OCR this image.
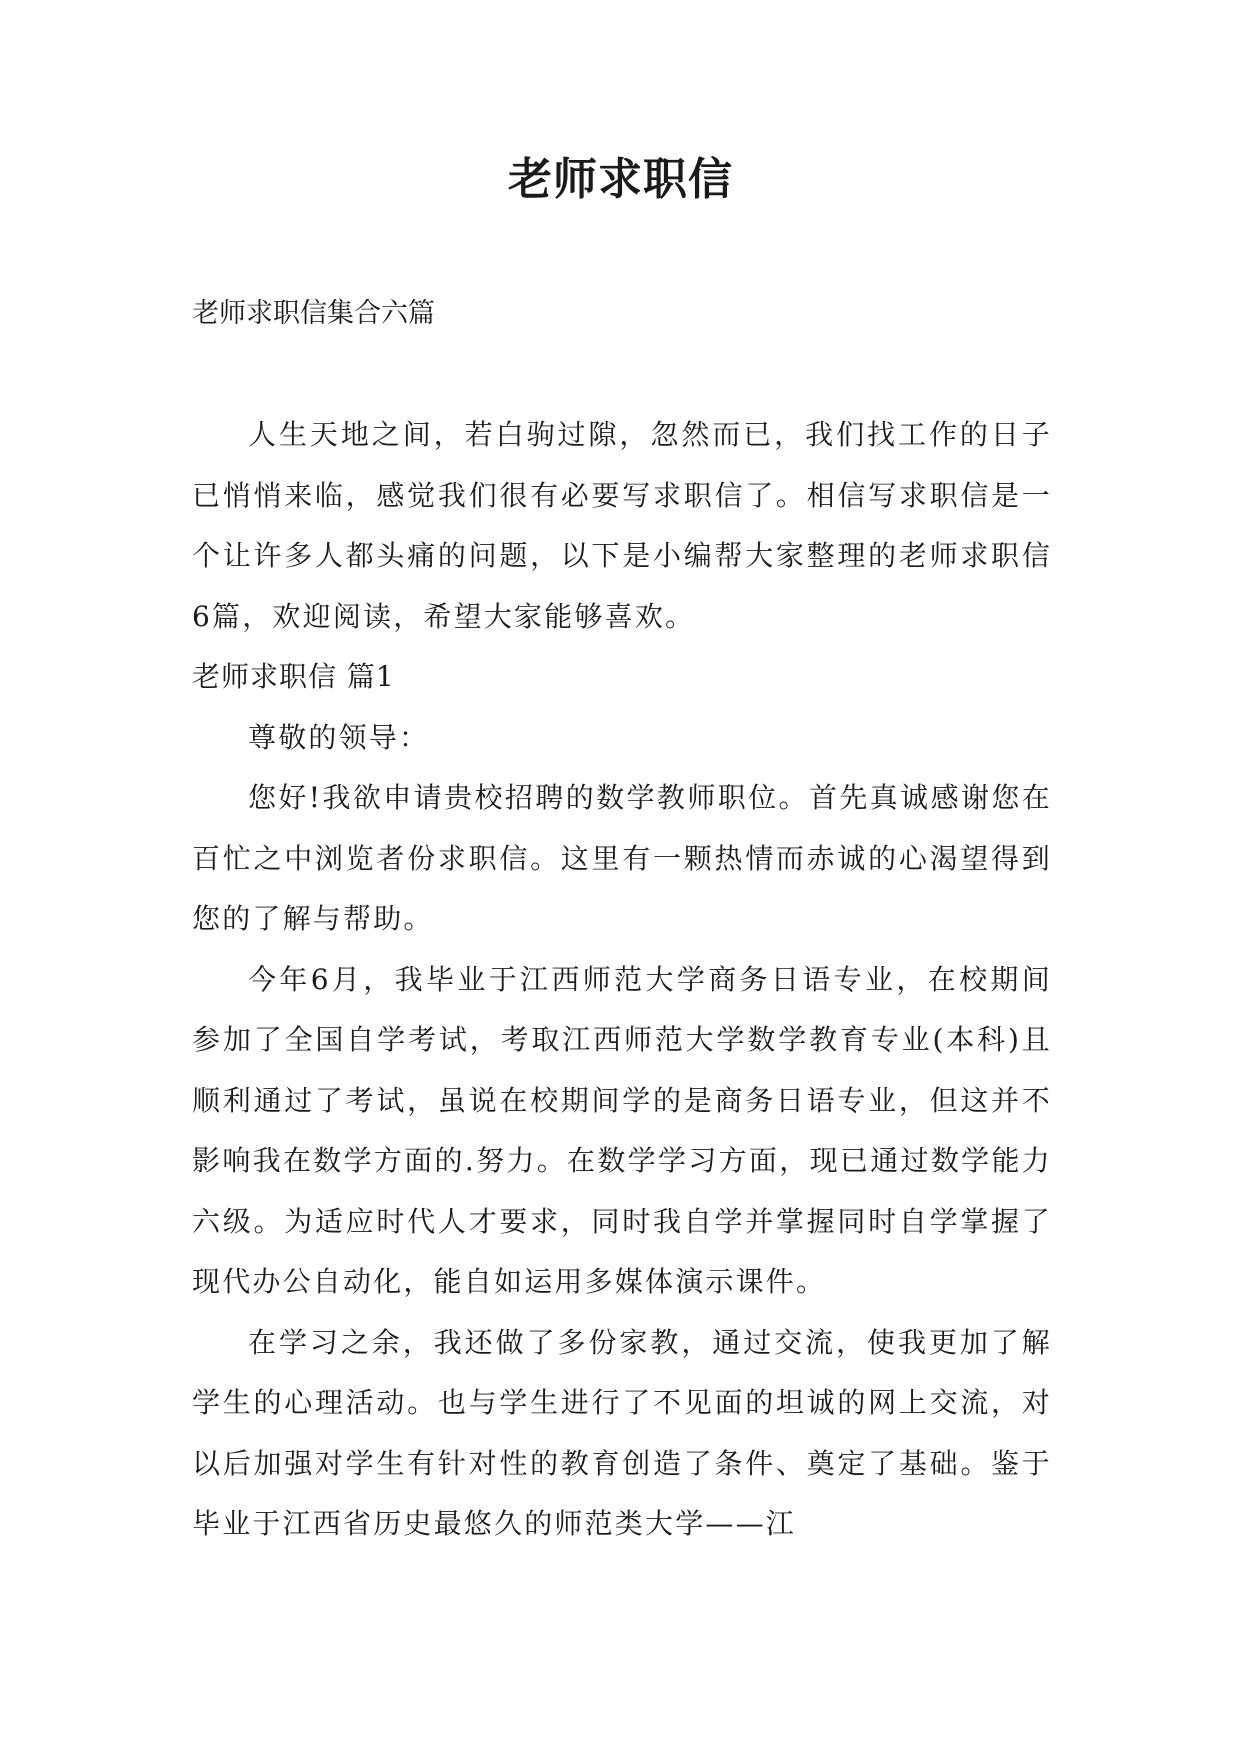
老师求职信
老师求职信集合六篇

人生天地之间，若白驹过隙，忽然而已，我们找工作的日子已悄悄来临，感觉我们很有必要写求职信了。相信写求职信是一个让许多人都头痛的问题，以下是小编帮大家整理的老师求职信6篇，欢迎阅读，希望大家能够喜欢。

老师求职信 篇1

尊敬的领导：

您好!我欲申请贵校招聘的数学教师职位。首先真诚感谢您在百忙之中浏览者份求职信。这里有一颗热情而赤诚的心渴望得到您的了解与帮助。

今年6月，我毕业于江西师范大学商务日语专业，在校期间参加了全国自学考试，考取江西师范大学数学教育专业(本科)且顺利通过了考试，虽说在校期间学的是商务日语专业，但这并不影响我在数学方面的.努力。在数学学习方面，现已通过数学能力六级。为适应时代人才要求，同时我自学并掌握同时自学掌握了现代办公自动化，能自如运用多媒体演示课件。

在学习之余，我还做了多份家教，通过交流，使我更加了解学生的心理活动。也与学生进行了不见面的坦诚的网上交流，对以后加强对学生有针对性的教育创造了条件、奠定了基础。鉴于毕业于江西省历史最悠久的师范类大学——江
